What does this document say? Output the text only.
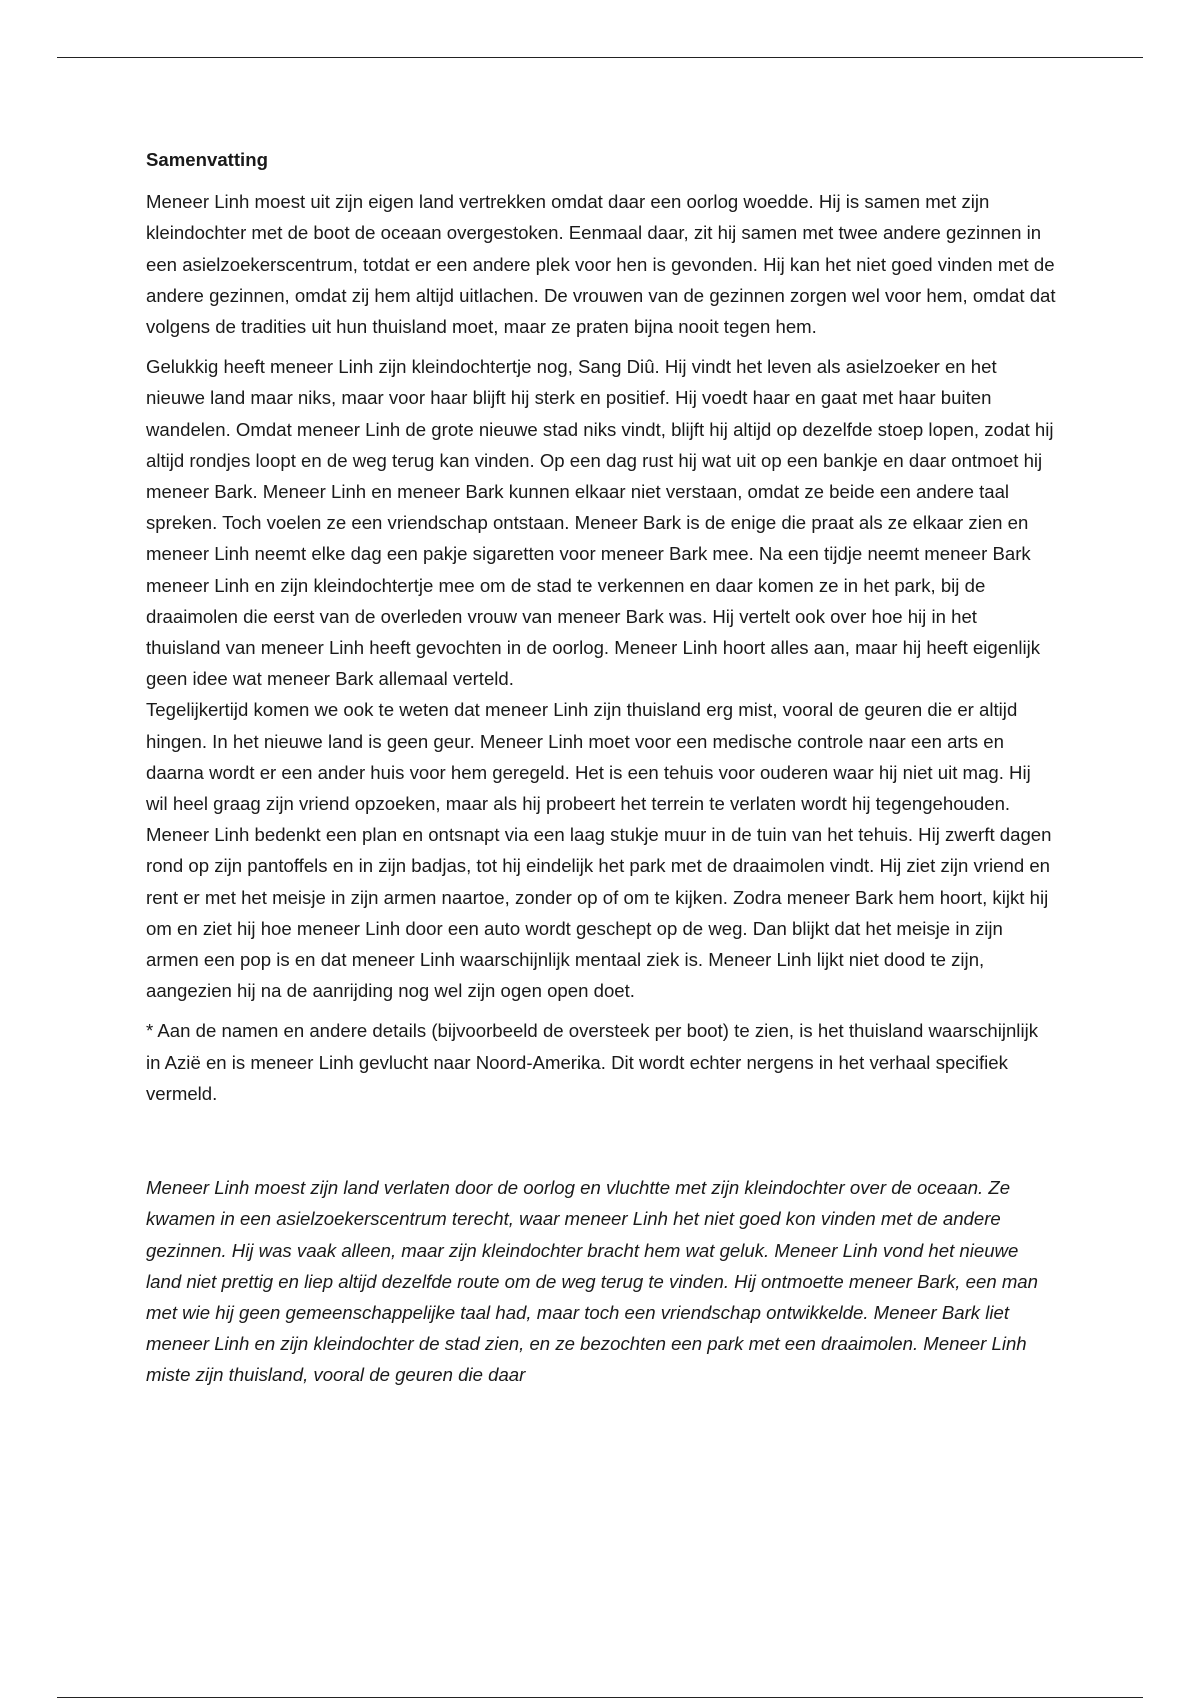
Samenvatting

Meneer Linh moest uit zijn eigen land vertrekken omdat daar een oorlog woedde. Hij is samen met zijn kleindochter met de boot de oceaan overgestoken. Eenmaal daar, zit hij samen met twee andere gezinnen in een asielzoekerscentrum, totdat er een andere plek voor hen is gevonden. Hij kan het niet goed vinden met de andere gezinnen, omdat zij hem altijd uitlachen. De vrouwen van de gezinnen zorgen wel voor hem, omdat dat volgens de tradities uit hun thuisland moet, maar ze praten bijna nooit tegen hem.

Gelukkig heeft meneer Linh zijn kleindochtertje nog, Sang Diû. Hij vindt het leven als asielzoeker en het nieuwe land maar niks, maar voor haar blijft hij sterk en positief. Hij voedt haar en gaat met haar buiten wandelen. Omdat meneer Linh de grote nieuwe stad niks vindt, blijft hij altijd op dezelfde stoep lopen, zodat hij altijd rondjes loopt en de weg terug kan vinden. Op een dag rust hij wat uit op een bankje en daar ontmoet hij meneer Bark. Meneer Linh en meneer Bark kunnen elkaar niet verstaan, omdat ze beide een andere taal spreken. Toch voelen ze een vriendschap ontstaan. Meneer Bark is de enige die praat als ze elkaar zien en meneer Linh neemt elke dag een pakje sigaretten voor meneer Bark mee. Na een tijdje neemt meneer Bark meneer Linh en zijn kleindochtertje mee om de stad te verkennen en daar komen ze in het park, bij de draaimolen die eerst van de overleden vrouw van meneer Bark was. Hij vertelt ook over hoe hij in het thuisland van meneer Linh heeft gevochten in de oorlog. Meneer Linh hoort alles aan, maar hij heeft eigenlijk geen idee wat meneer Bark allemaal verteld.

Tegelijkertijd komen we ook te weten dat meneer Linh zijn thuisland erg mist, vooral de geuren die er altijd hingen. In het nieuwe land is geen geur. Meneer Linh moet voor een medische controle naar een arts en daarna wordt er een ander huis voor hem geregeld. Het is een tehuis voor ouderen waar hij niet uit mag. Hij wil heel graag zijn vriend opzoeken, maar als hij probeert het terrein te verlaten wordt hij tegengehouden.

Meneer Linh bedenkt een plan en ontsnapt via een laag stukje muur in de tuin van het tehuis. Hij zwerft dagen rond op zijn pantoffels en in zijn badjas, tot hij eindelijk het park met de draaimolen vindt. Hij ziet zijn vriend en rent er met het meisje in zijn armen naartoe, zonder op of om te kijken. Zodra meneer Bark hem hoort, kijkt hij om en ziet hij hoe meneer Linh door een auto wordt geschept op de weg. Dan blijkt dat het meisje in zijn armen een pop is en dat meneer Linh waarschijnlijk mentaal ziek is. Meneer Linh lijkt niet dood te zijn, aangezien hij na de aanrijding nog wel zijn ogen open doet.

* Aan de namen en andere details (bijvoorbeeld de oversteek per boot) te zien, is het thuisland waarschijnlijk in Azië en is meneer Linh gevlucht naar Noord-Amerika. Dit wordt echter nergens in het verhaal specifiek vermeld.

Meneer Linh moest zijn land verlaten door de oorlog en vluchtte met zijn kleindochter over de oceaan. Ze kwamen in een asielzoekerscentrum terecht, waar meneer Linh het niet goed kon vinden met de andere gezinnen. Hij was vaak alleen, maar zijn kleindochter bracht hem wat geluk. Meneer Linh vond het nieuwe land niet prettig en liep altijd dezelfde route om de weg terug te vinden. Hij ontmoette meneer Bark, een man met wie hij geen gemeenschappelijke taal had, maar toch een vriendschap ontwikkelde. Meneer Bark liet meneer Linh en zijn kleindochter de stad zien, en ze bezochten een park met een draaimolen. Meneer Linh miste zijn thuisland, vooral de geuren die daar
